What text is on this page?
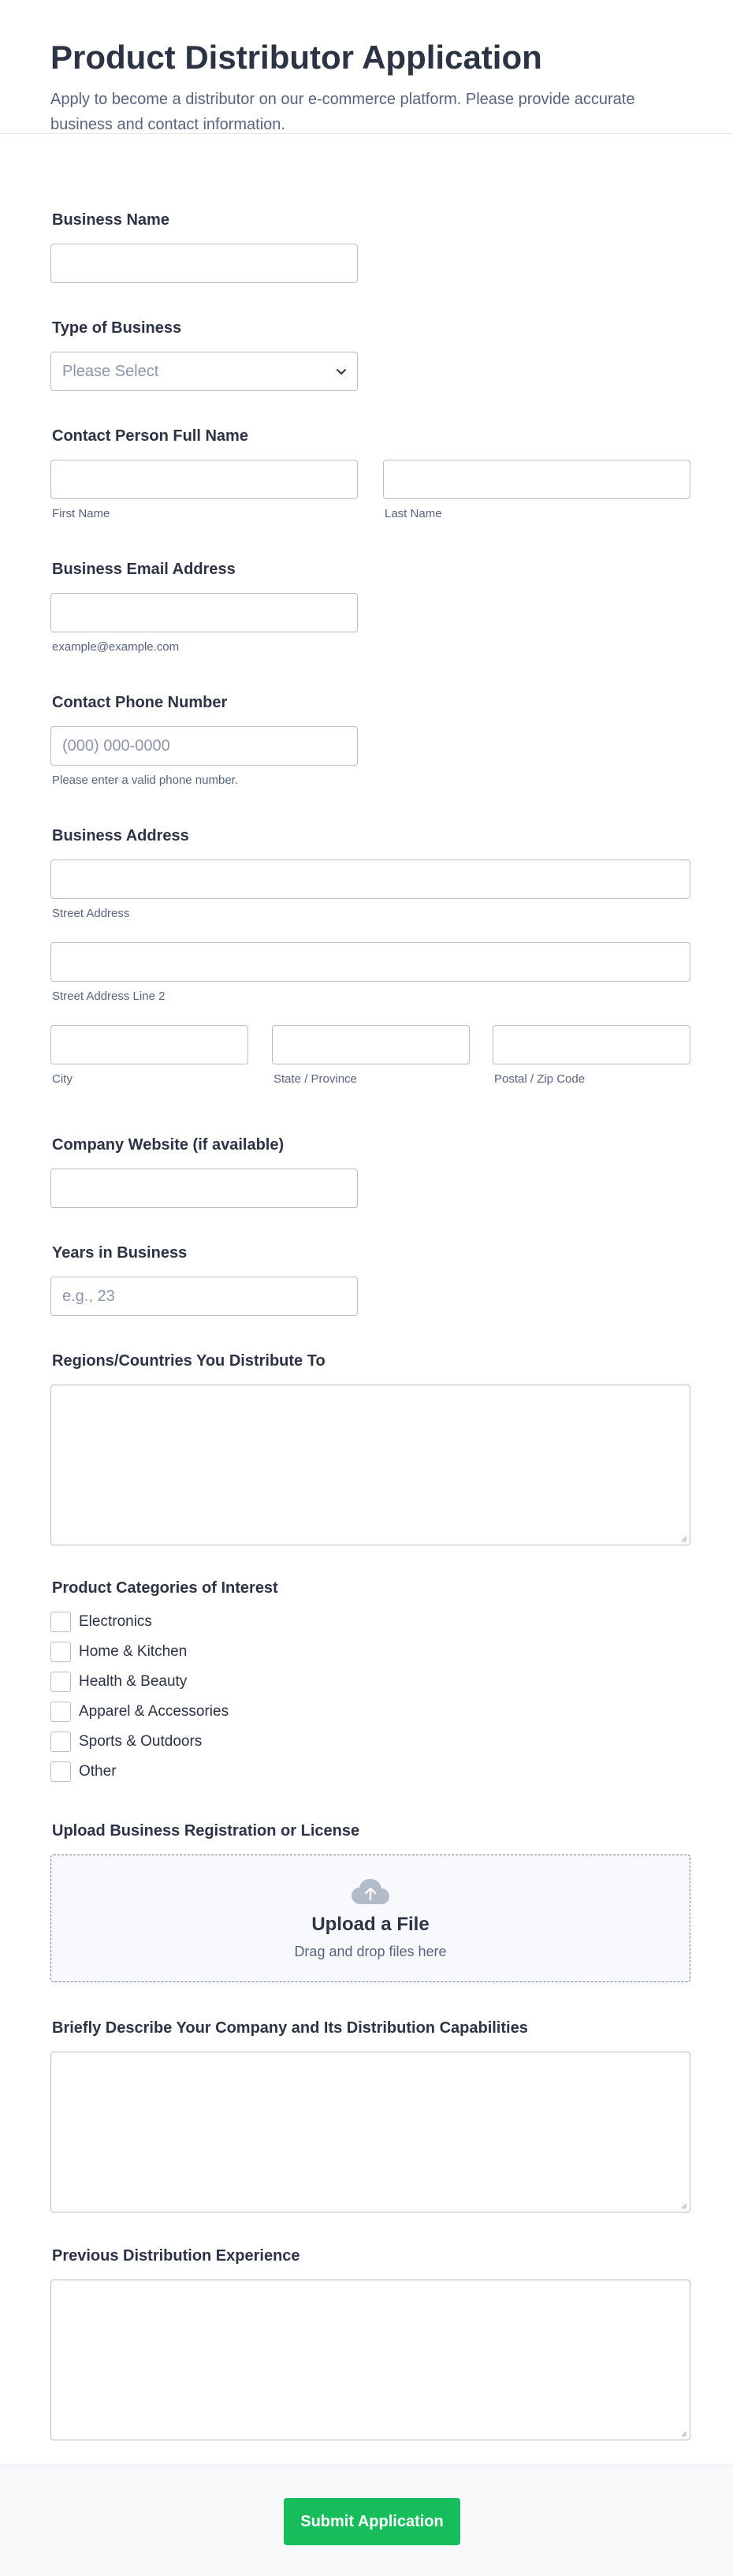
Product Distributor Application

Apply to become a distributor on our e-commerce platform. Please provide accurate business and contact information.

Business Name
Type of Business
Please Select
Contact Person Full Name
First Name	Last Name
Business Email Address
example@example.com
Contact Phone Number
(000) 000-0000
Please enter a valid phone number.
Business Address
Street Address
Street Address Line 2
City	State / Province	Postal / Zip Code
Company Website (if available)
Years in Business
e.g., 23
Regions/Countries You Distribute To
Product Categories of Interest
Electronics
Home & Kitchen
Health & Beauty
Apparel & Accessories
Sports & Outdoors
Other
Upload Business Registration or License
Upload a File
Drag and drop files here
Briefly Describe Your Company and Its Distribution Capabilities
Previous Distribution Experience
Submit Application
